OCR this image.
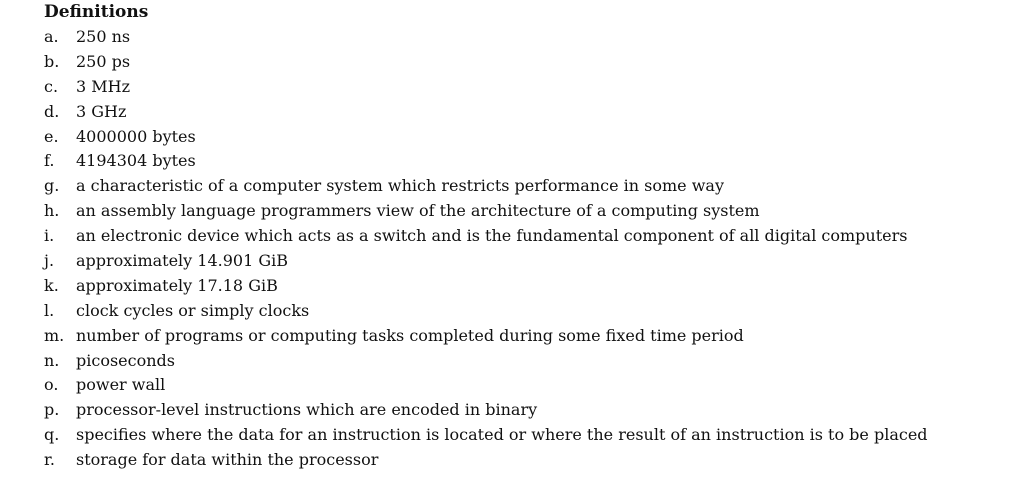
Definitions
a.	250 ns
b.	250 ps
c.	3 MHz
d.	3 GHz
e.	4000000 bytes
f.	4194304 bytes
g.	a characteristic of a computer system which restricts performance in some way
h.	an assembly language programmers view of the architecture of a computing system
i.	an electronic device which acts as a switch and is the fundamental component of all digital computers
j.	approximately 14.901 GiB
k.	approximately 17.18 GiB
l.	clock cycles or simply clocks
m. number of programs or computing tasks completed during some fixed time period
n.	picoseconds
o.	power wall
p.	processor-level instructions which are encoded in binary
q.	specifies where the data for an instruction is located or where the result of an instruction is to be placed
r.	storage for data within the processor
